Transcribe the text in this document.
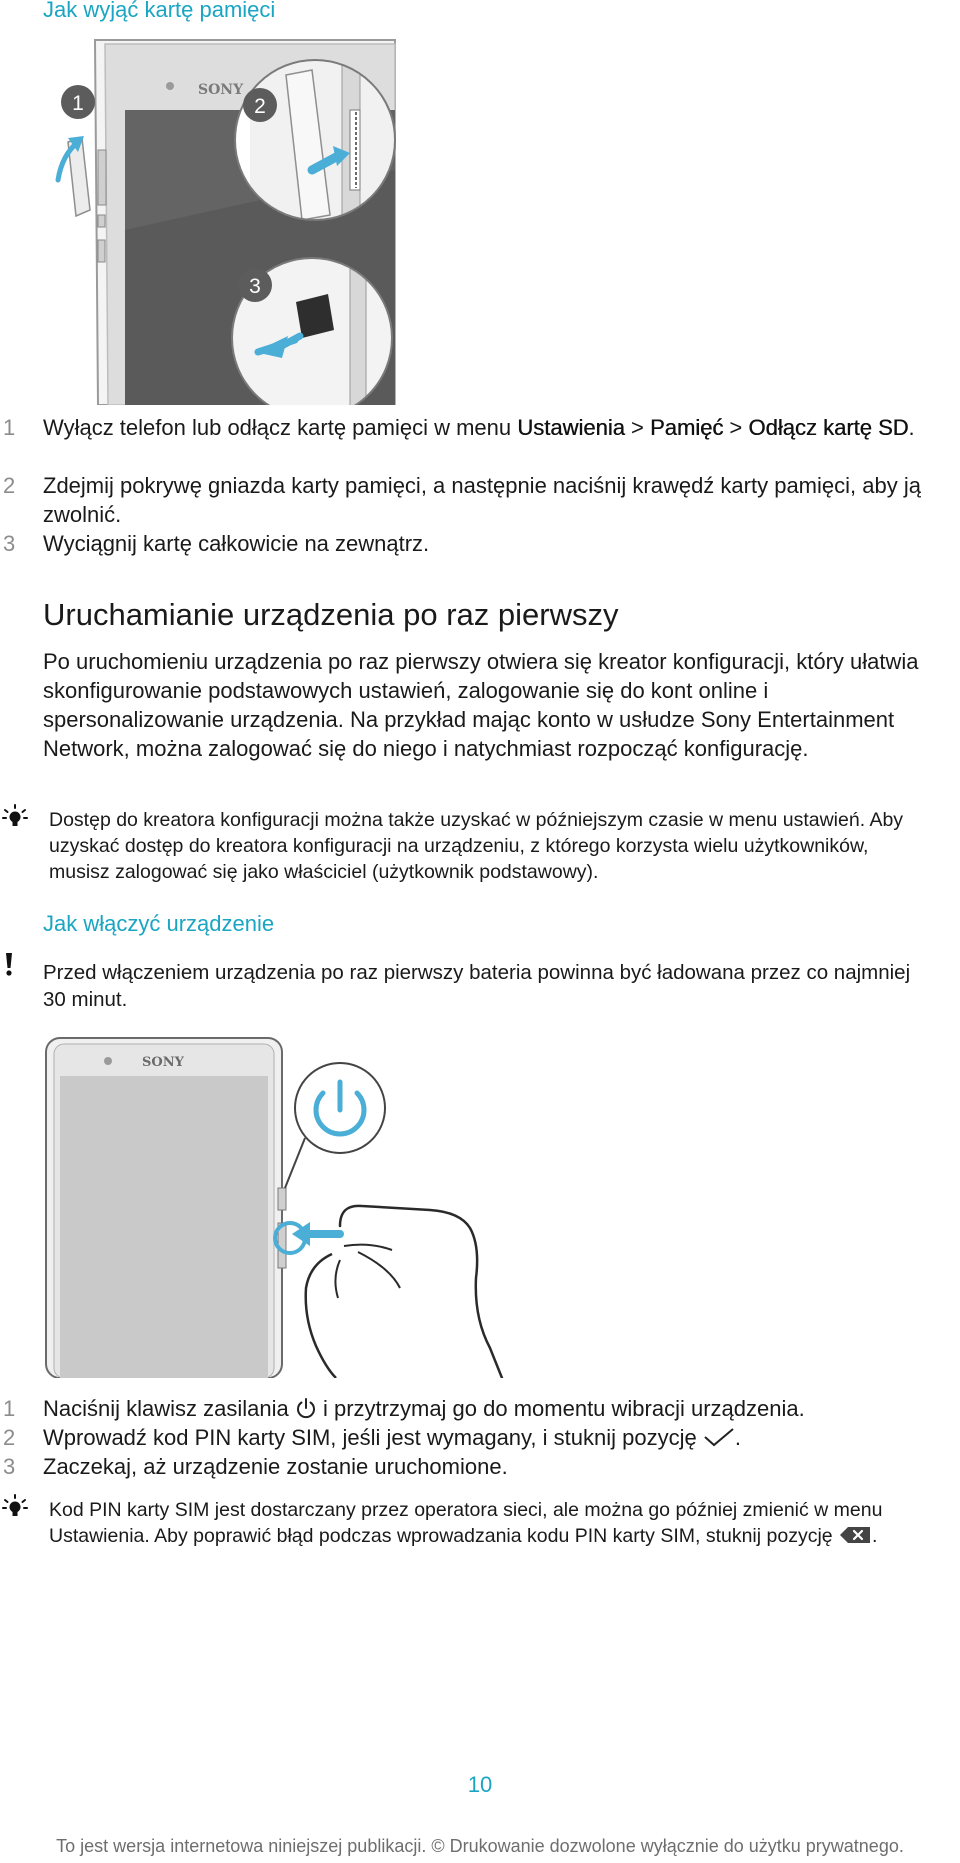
Jak wyjąć kartę pamięci
SONY
1	2
3
1	Wyłącz telefon lub odłącz kartę pamięci w menu Ustawienia > Pamięć > Odłącz kartę SD.
2	Zdejmij pokrywę gniazda karty pamięci, a następnie naciśnij krawędź karty pamięci, aby ją zwolnić.
3	Wyciągnij kartę całkowicie na zewnątrz.
Uruchamianie urządzenia po raz pierwszy
Po uruchomieniu urządzenia po raz pierwszy otwiera się kreator konfiguracji, który ułatwia skonfigurowanie podstawowych ustawień, zalogowanie się do kont online i spersonalizowanie urządzenia. Na przykład mając konto w usłudze Sony Entertainment Network, można zalogować się do niego i natychmiast rozpocząć konfigurację.
Dostęp do kreatora konfiguracji można także uzyskać w późniejszym czasie w menu ustawień. Aby uzyskać dostęp do kreatora konfiguracji na urządzeniu, z którego korzysta wielu użytkowników, musisz zalogować się jako właściciel (użytkownik podstawowy).
Jak włączyć urządzenie
Przed włączeniem urządzenia po raz pierwszy bateria powinna być ładowana przez co najmniej 30 minut.
SONY
1	Naciśnij klawisz zasilania
i przytrzymaj go do momentu wibracji urządzenia.
2	Wprowadź kod PIN karty SIM, jeśli jest wymagany, i stuknij pozycję
.
3	Zaczekaj, aż urządzenie zostanie uruchomione.
Kod PIN karty SIM jest dostarczany przez operatora sieci, ale można go później zmienić w menu Ustawienia. Aby poprawić błąd podczas wprowadzania kodu PIN karty SIM, stuknij pozycję
.
10
To jest wersja internetowa niniejszej publikacji. © Drukowanie dozwolone wyłącznie do użytku prywatnego.
